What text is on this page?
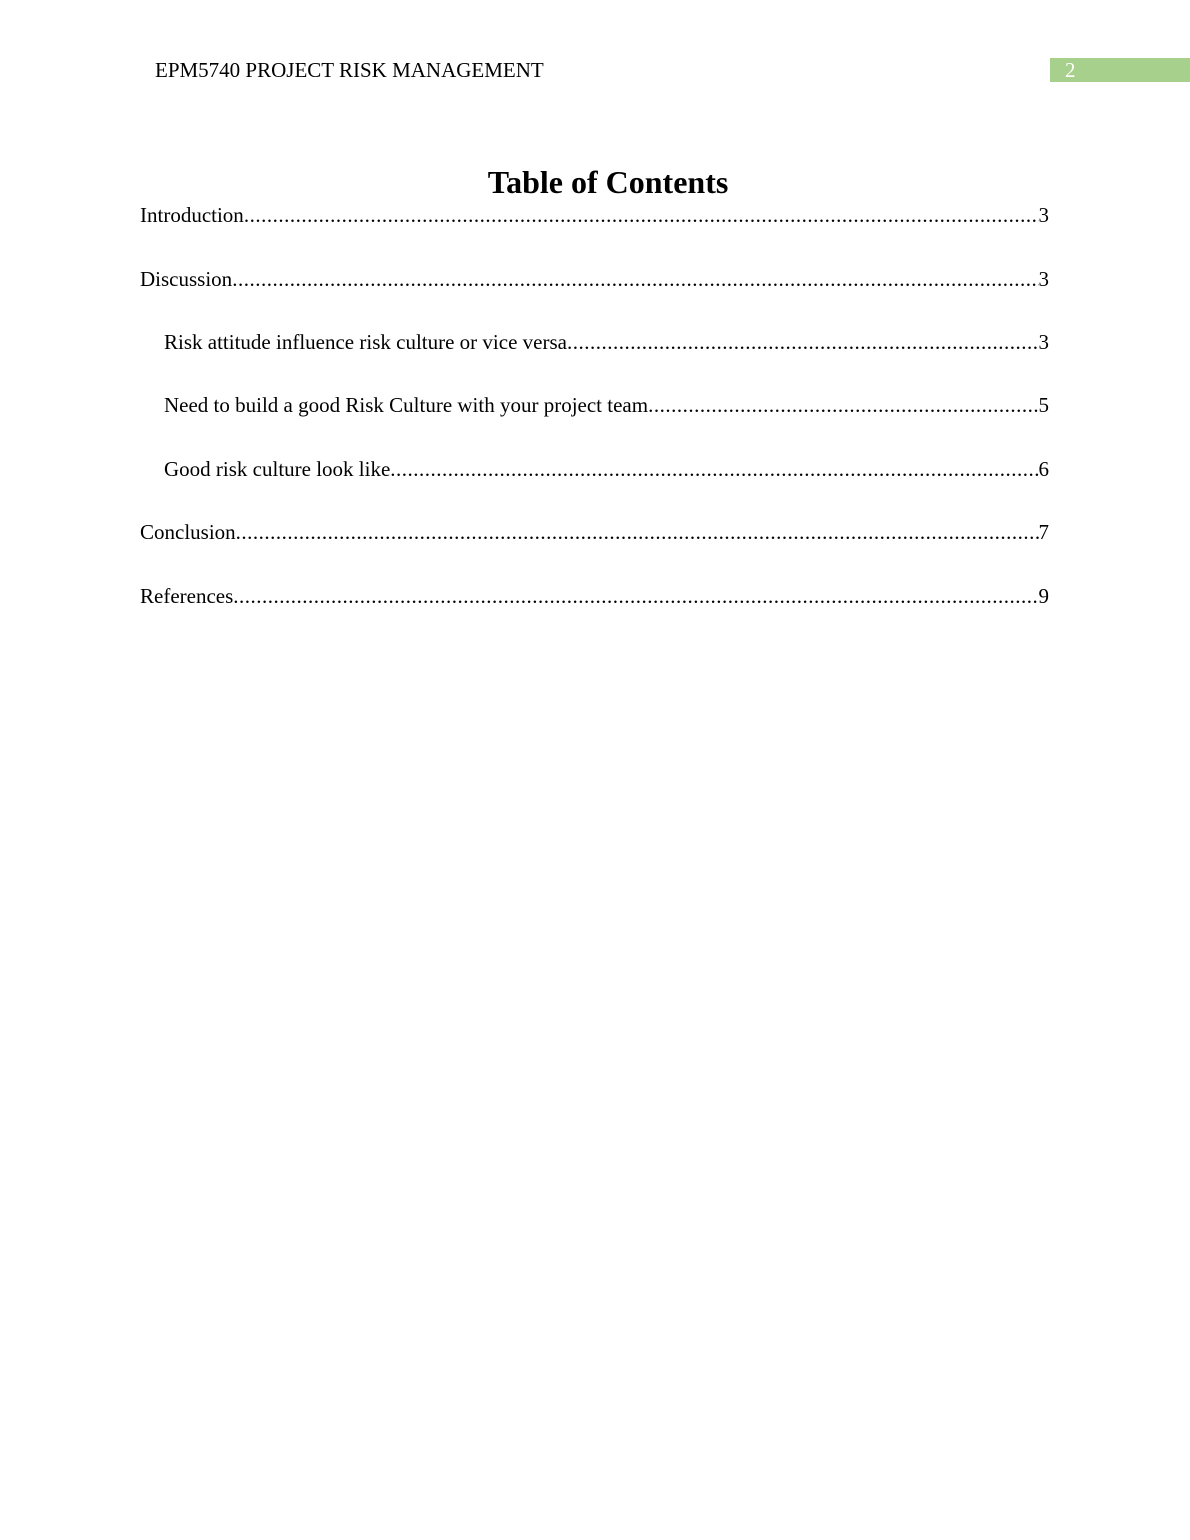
EPM5740 PROJECT RISK MANAGEMENT	2
Table of Contents
Introduction .....	3
Discussion .....	3
Risk attitude influence risk culture or vice versa .....	3
Need to build a good Risk Culture with your project team .....	5
Good risk culture look like .....	6
Conclusion .....	7
References .....	9
